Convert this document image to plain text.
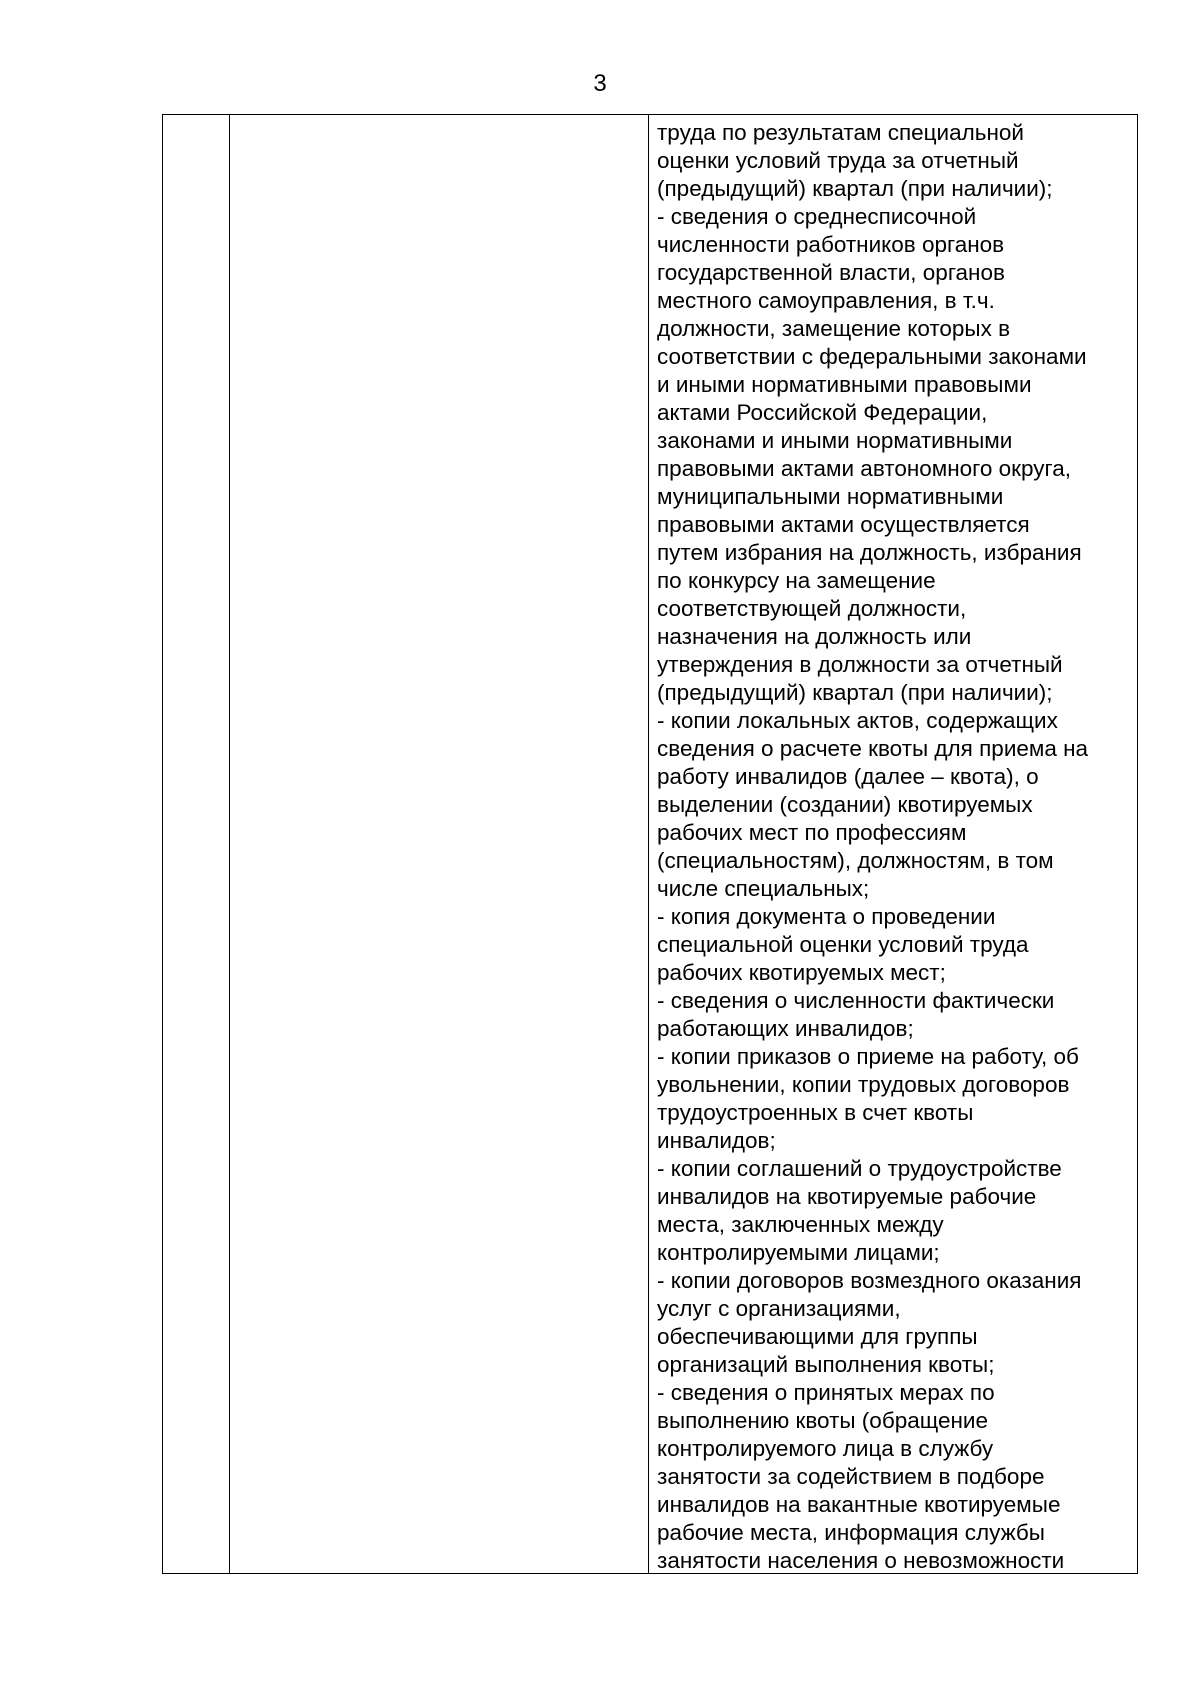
3

труда по результатам специальной
оценки условий труда за отчетный
(предыдущий) квартал (при наличии);
- сведения о среднесписочной
численности работников органов
государственной власти, органов
местного самоуправления, в т.ч.
должности, замещение которых в
соответствии с федеральными законами
и иными нормативными правовыми
актами Российской Федерации,
законами и иными нормативными
правовыми актами автономного округа,
муниципальными нормативными
правовыми актами осуществляется
путем избрания на должность, избрания
по конкурсу на замещение
соответствующей должности,
назначения на должность или
утверждения в должности за отчетный
(предыдущий) квартал (при наличии);
- копии локальных актов, содержащих
сведения о расчете квоты для приема на
работу инвалидов (далее – квота), о
выделении (создании) квотируемых
рабочих мест по профессиям
(специальностям), должностям, в том
числе специальных;
- копия документа о проведении
специальной оценки условий труда
рабочих квотируемых мест;
- сведения о численности фактически
работающих инвалидов;
- копии приказов о приеме на работу, об
увольнении, копии трудовых договоров
трудоустроенных в счет квоты
инвалидов;
- копии соглашений о трудоустройстве
инвалидов на квотируемые рабочие
места, заключенных между
контролируемыми лицами;
- копии договоров возмездного оказания
услуг с организациями,
обеспечивающими для группы
организаций выполнения квоты;
- сведения о принятых мерах по
выполнению квоты (обращение
контролируемого лица в службу
занятости за содействием в подборе
инвалидов на вакантные квотируемые
рабочие места, информация службы
занятости населения о невозможности
